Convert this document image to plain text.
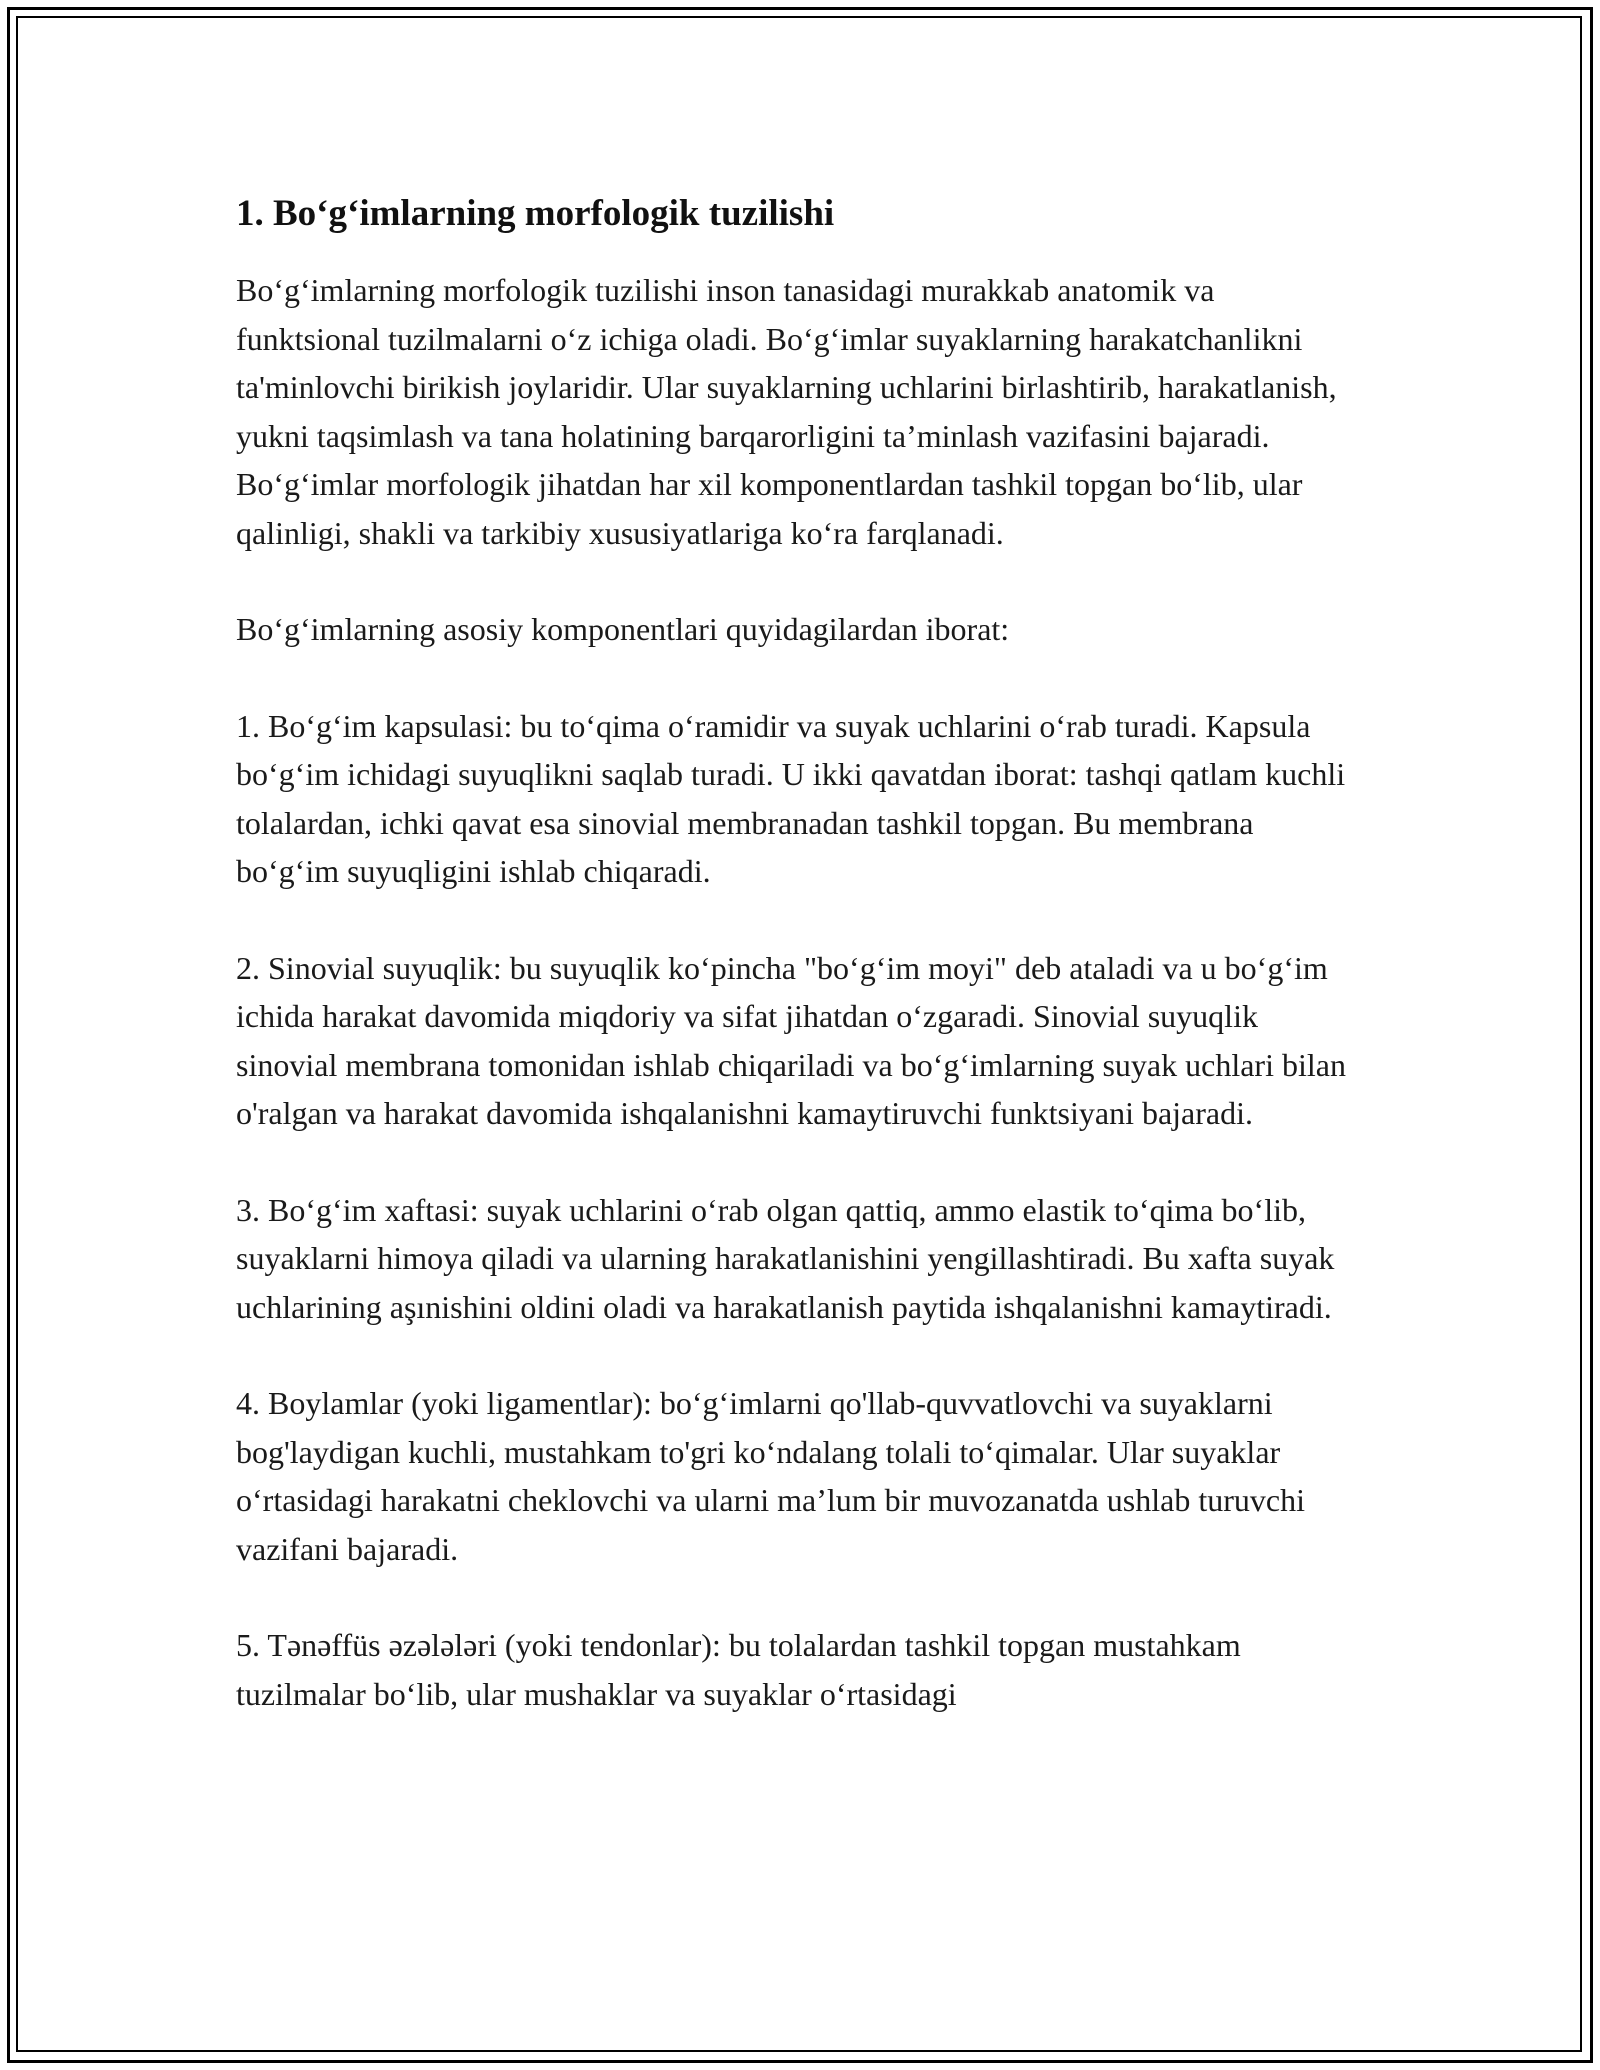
1. Bo‘g‘imlarning morfologik tuzilishi

Bo‘g‘imlarning morfologik tuzilishi inson tanasidagi murakkab anatomik va funktsional tuzilmalarni o‘z ichiga oladi. Bo‘g‘imlar suyaklarning harakatchanlikni ta'minlovchi birikish joylaridir. Ular suyaklarning uchlarini birlashtirib, harakatlanish, yukni taqsimlash va tana holatining barqarorligini ta’minlash vazifasini bajaradi. Bo‘g‘imlar morfologik jihatdan har xil komponentlardan tashkil topgan bo‘lib, ular qalinligi, shakli va tarkibiy xususiyatlariga ko‘ra farqlanadi.

Bo‘g‘imlarning asosiy komponentlari quyidagilardan iborat:

1. Bo‘g‘im kapsulasi: bu to‘qima o‘ramidir va suyak uchlarini o‘rab turadi. Kapsula bo‘g‘im ichidagi suyuqlikni saqlab turadi. U ikki qavatdan iborat: tashqi qatlam kuchli tolalardan, ichki qavat esa sinovial membranadan tashkil topgan. Bu membrana bo‘g‘im suyuqligini ishlab chiqaradi.

2. Sinovial suyuqlik: bu suyuqlik ko‘pincha "bo‘g‘im moyi" deb ataladi va u bo‘g‘im ichida harakat davomida miqdoriy va sifat jihatdan o‘zgaradi. Sinovial suyuqlik sinovial membrana tomonidan ishlab chiqariladi va bo‘g‘imlarning suyak uchlari bilan o'ralgan va harakat davomida ishqalanishni kamaytiruvchi funktsiyani bajaradi.

3. Bo‘g‘im xaftasi: suyak uchlarini o‘rab olgan qattiq, ammo elastik to‘qima bo‘lib, suyaklarni himoya qiladi va ularning harakatlanishini yengillashtiradi. Bu xafta suyak uchlarining aşınishini oldini oladi va harakatlanish paytida ishqalanishni kamaytiradi.

4. Boylamlar (yoki ligamentlar): bo‘g‘imlarni qo'llab-quvvatlovchi va suyaklarni bog'laydigan kuchli, mustahkam to'gri ko‘ndalang tolali to‘qimalar. Ular suyaklar o‘rtasidagi harakatni cheklovchi va ularni ma’lum bir muvozanatda ushlab turuvchi vazifani bajaradi.

5. Tənəffüs əzələləri (yoki tendonlar): bu tolalardan tashkil topgan mustahkam tuzilmalar bo‘lib, ular mushaklar va suyaklar o‘rtasidagi
